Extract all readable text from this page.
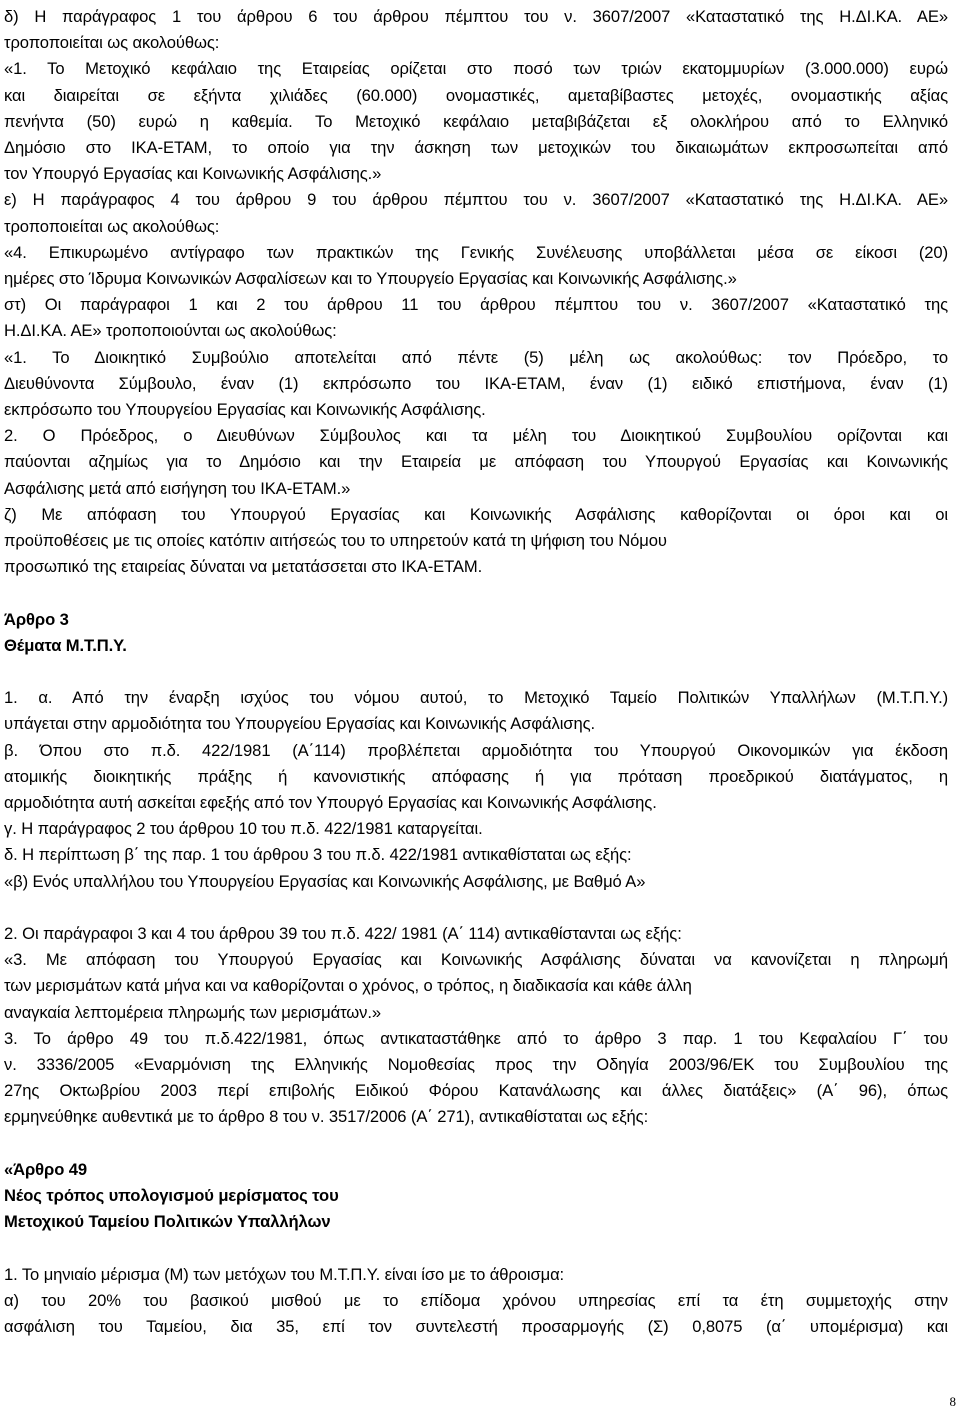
δ) Η παράγραφος 1 του άρθρου 6 του άρθρου πέμπτου του ν. 3607/2007 «Καταστατικό της Η.ΔΙ.ΚΑ. ΑΕ»
τροποποιείται ως ακολούθως:
«1. Το Μετοχικό κεφάλαιο της Εταιρείας ορίζεται στο ποσό των τριών εκατομμυρίων (3.000.000) ευρώ
και διαιρείται σε εξήντα χιλιάδες (60.000) ονομαστικές, αμεταβίβαστες μετοχές, ονομαστικής αξίας
πενήντα (50) ευρώ η καθεμία. Το Μετοχικό κεφάλαιο μεταβιβάζεται εξ ολοκλήρου από το Ελληνικό
Δημόσιο στο ΙΚΑ-ΕΤΑΜ, το οποίο για την άσκηση των μετοχικών του δικαιωμάτων εκπροσωπείται από
τον Υπουργό Εργασίας και Κοινωνικής Ασφάλισης.»
ε) Η παράγραφος 4 του άρθρου 9 του άρθρου πέμπτου του ν. 3607/2007 «Καταστατικό της Η.ΔΙ.ΚΑ. ΑΕ»
τροποποιείται ως ακολούθως:
«4. Επικυρωμένο αντίγραφο των πρακτικών της Γενικής Συνέλευσης υποβάλλεται μέσα σε είκοσι (20)
ημέρες στο Ίδρυμα Κοινωνικών Ασφαλίσεων και το Υπουργείο Εργασίας και Κοινωνικής Ασφάλισης.»
στ) Οι παράγραφοι 1 και 2 του άρθρου 11 του άρθρου πέμπτου του ν. 3607/2007 «Καταστατικό της
Η.ΔΙ.ΚΑ. ΑΕ» τροποποιούνται ως ακολούθως:
«1. Το Διοικητικό Συμβούλιο αποτελείται από πέντε (5) μέλη ως ακολούθως: τον Πρόεδρο, το
Διευθύνοντα Σύμβουλο, έναν (1) εκπρόσωπο του ΙΚΑ-ΕΤΑΜ, έναν (1) ειδικό επιστήμονα, έναν (1)
εκπρόσωπο του Υπουργείου Εργασίας και Κοινωνικής Ασφάλισης.
2. Ο Πρόεδρος, ο Διευθύνων Σύμβουλος και τα μέλη του Διοικητικού Συμβουλίου ορίζονται και
παύονται αζημίως για το Δημόσιο και την Εταιρεία με απόφαση του Υπουργού Εργασίας και Κοινωνικής
Ασφάλισης μετά από εισήγηση του ΙΚΑ-ΕΤΑΜ.»
ζ) Με απόφαση του Υπουργού Εργασίας και Κοινωνικής Ασφάλισης καθορίζονται οι όροι και οι
προϋποθέσεις με τις οποίες κατόπιν αιτήσεώς του το υπηρετούν κατά τη ψήφιση του Νόμου
προσωπικό της εταιρείας δύναται να μετατάσσεται στο ΙΚΑ-ΕΤΑΜ.
Άρθρο 3
Θέματα Μ.Τ.Π.Υ.
1. α. Από την έναρξη ισχύος του νόμου αυτού, το Μετοχικό Ταμείο Πολιτικών Υπαλλήλων (Μ.Τ.Π.Υ.)
υπάγεται στην αρμοδιότητα του Υπουργείου Εργασίας και Κοινωνικής Ασφάλισης.
β. Όπου στο π.δ. 422/1981 (Α΄114) προβλέπεται αρμοδιότητα του Υπουργού Οικονομικών για έκδοση
ατομικής διοικητικής πράξης ή κανονιστικής απόφασης ή για πρόταση προεδρικού διατάγματος, η
αρμοδιότητα αυτή ασκείται εφεξής από τον Υπουργό Εργασίας και Κοινωνικής Ασφάλισης.
γ. Η παράγραφος 2 του άρθρου 10 του π.δ. 422/1981 καταργείται.
δ. Η περίπτωση β΄ της παρ. 1 του άρθρου 3 του π.δ. 422/1981 αντικαθίσταται ως εξής:
«β) Ενός υπαλλήλου του Υπουργείου Εργασίας και Κοινωνικής Ασφάλισης, με Βαθμό Α»
2. Οι παράγραφοι 3 και 4 του άρθρου 39 του π.δ. 422/ 1981 (Α΄ 114) αντικαθίστανται ως εξής:
«3. Με απόφαση του Υπουργού Εργασίας και Κοινωνικής Ασφάλισης δύναται να κανονίζεται η πληρωμή
των μερισμάτων κατά μήνα και να καθορίζονται ο χρόνος, ο τρόπος, η διαδικασία και κάθε άλλη
αναγκαία λεπτομέρεια πληρωμής των μερισμάτων.»
3. Το άρθρο 49 του π.δ.422/1981, όπως αντικαταστάθηκε από το άρθρο 3 παρ. 1 του Κεφαλαίου Γ΄ του
ν. 3336/2005 «Εναρμόνιση της Ελληνικής Νομοθεσίας προς την Οδηγία 2003/96/ΕΚ του Συμβουλίου της
27ης Οκτωβρίου 2003 περί επιβολής Ειδικού Φόρου Κατανάλωσης και άλλες διατάξεις» (Α΄ 96), όπως
ερμηνεύθηκε αυθεντικά με το άρθρο 8 του ν. 3517/2006 (Α΄ 271), αντικαθίσταται ως εξής:
«Άρθρο 49
Νέος τρόπος υπολογισμού μερίσματος του
Μετοχικού Ταμείου Πολιτικών Υπαλλήλων
1. Το μηνιαίο μέρισμα (Μ) των μετόχων του Μ.Τ.Π.Υ. είναι ίσο με το άθροισμα:
α) του 20% του βασικού μισθού με το επίδομα χρόνου υπηρεσίας επί τα έτη συμμετοχής στην
ασφάλιση του Ταμείου, δια 35, επί τον συντελεστή προσαρμογής (Σ) 0,8075 (α΄ υπομέρισμα) και
8
